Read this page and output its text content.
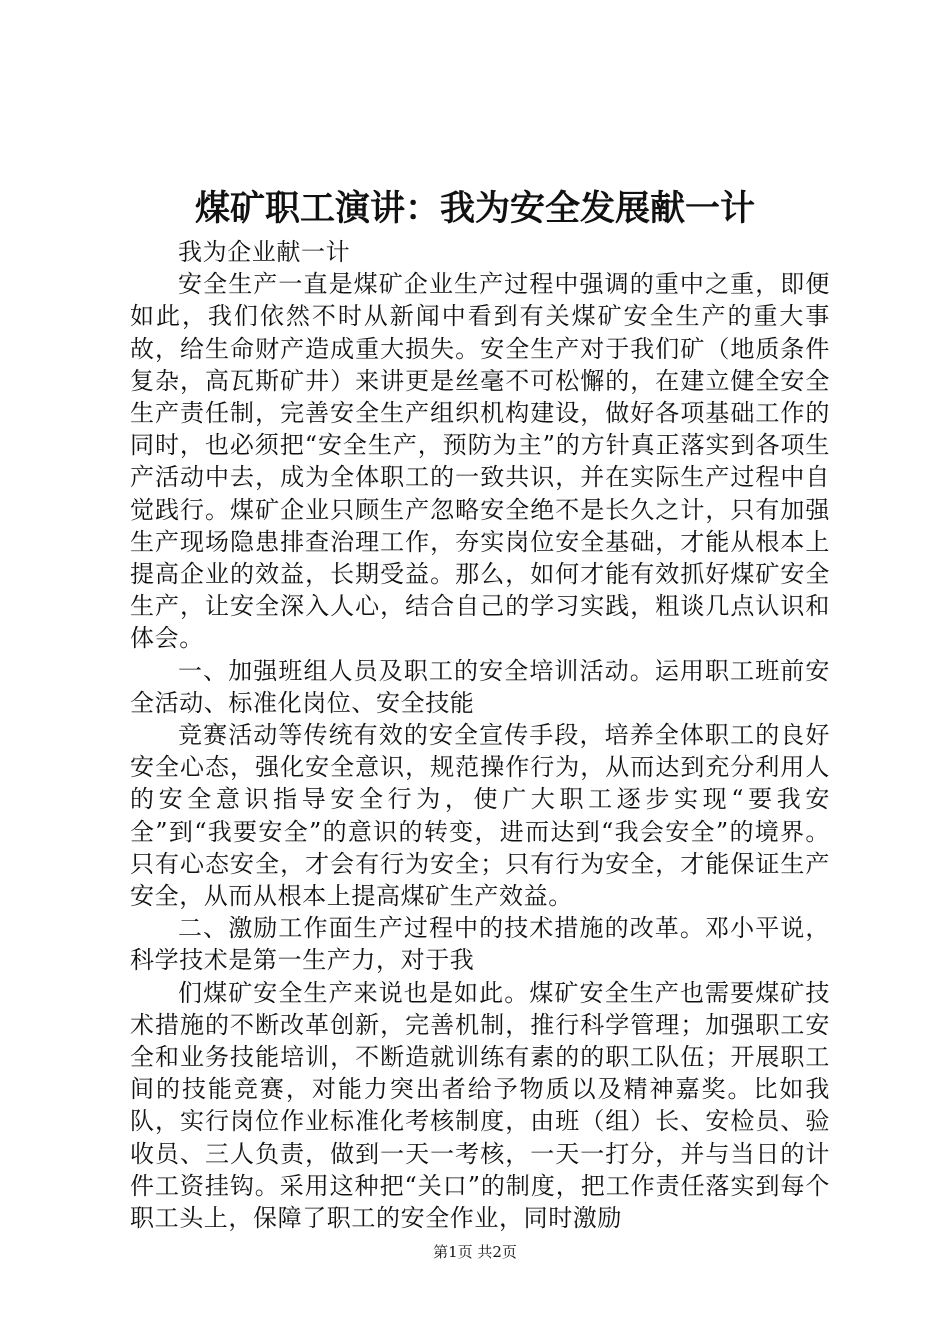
煤矿职工演讲：我为安全发展献一计

我为企业献一计

安全生产一直是煤矿企业生产过程中强调的重中之重，即便如此，我们依然不时从新闻中看到有关煤矿安全生产的重大事故，给生命财产造成重大损失。安全生产对于我们矿（地质条件复杂，高瓦斯矿井）来讲更是丝毫不可松懈的，在建立健全安全生产责任制，完善安全生产组织机构建设，做好各项基础工作的同时，也必须把“安全生产，预防为主”的方针真正落实到各项生产活动中去，成为全体职工的一致共识，并在实际生产过程中自觉践行。煤矿企业只顾生产忽略安全绝不是长久之计，只有加强生产现场隐患排查治理工作，夯实岗位安全基础，才能从根本上提高企业的效益，长期受益。那么，如何才能有效抓好煤矿安全生产，让安全深入人心，结合自己的学习实践，粗谈几点认识和体会。

一、加强班组人员及职工的安全培训活动。运用职工班前安全活动、标准化岗位、安全技能

竞赛活动等传统有效的安全宣传手段，培养全体职工的良好安全心态，强化安全意识，规范操作行为，从而达到充分利用人的安全意识指导安全行为，使广大职工逐步实现“要我安全”到“我要安全”的意识的转变，进而达到“我会安全”的境界。只有心态安全，才会有行为安全；只有行为安全，才能保证生产安全，从而从根本上提高煤矿生产效益。

二、激励工作面生产过程中的技术措施的改革。邓小平说，科学技术是第一生产力，对于我

们煤矿安全生产来说也是如此。煤矿安全生产也需要煤矿技术措施的不断改革创新，完善机制，推行科学管理；加强职工安全和业务技能培训，不断造就训练有素的的职工队伍；开展职工间的技能竞赛，对能力突出者给予物质以及精神嘉奖。比如我队，实行岗位作业标准化考核制度，由班（组）长、安检员、验收员、三人负责，做到一天一考核，一天一打分，并与当日的计件工资挂钩。采用这种把“关口”的制度，把工作责任落实到每个职工头上，保障了职工的安全作业，同时激励

第1页 共2页
